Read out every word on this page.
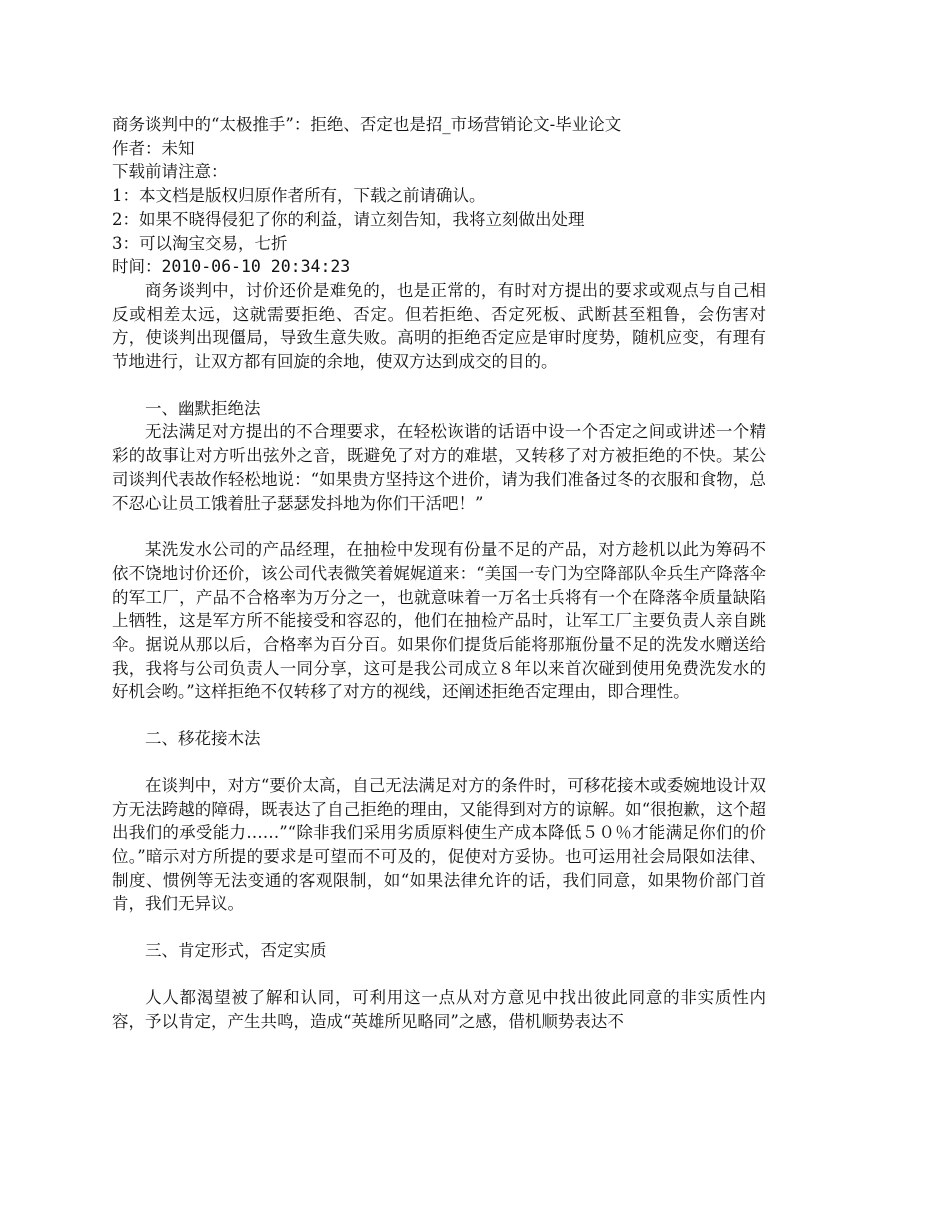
商务谈判中的“太极推手”：拒绝、否定也是招_市场营销论文-毕业论文
作者：未知
下载前请注意：
1：本文档是版权归原作者所有，下载之前请确认。
2：如果不晓得侵犯了你的利益，请立刻告知，我将立刻做出处理
3：可以淘宝交易，七折
时间：2010-06-10 20:34:23
商务谈判中，讨价还价是难免的，也是正常的，有时对方提出的要求或观点与自己相反或相差太远，这就需要拒绝、否定。但若拒绝、否定死板、武断甚至粗鲁，会伤害对方，使谈判出现僵局，导致生意失败。高明的拒绝否定应是审时度势，随机应变，有理有节地进行，让双方都有回旋的余地，使双方达到成交的目的。
一、幽默拒绝法
无法满足对方提出的不合理要求，在轻松诙谐的话语中设一个否定之间或讲述一个精彩的故事让对方听出弦外之音，既避免了对方的难堪，又转移了对方被拒绝的不快。某公司谈判代表故作轻松地说：“如果贵方坚持这个进价，请为我们准备过冬的衣服和食物，总不忍心让员工饿着肚子瑟瑟发抖地为你们干活吧！”
某洗发水公司的产品经理，在抽检中发现有份量不足的产品，对方趁机以此为筹码不依不饶地讨价还价，该公司代表微笑着娓娓道来：“美国一专门为空降部队伞兵生产降落伞的军工厂，产品不合格率为万分之一，也就意味着一万名士兵将有一个在降落伞质量缺陷上牺牲，这是军方所不能接受和容忍的，他们在抽检产品时，让军工厂主要负责人亲自跳伞。据说从那以后，合格率为百分百。如果你们提货后能将那瓶份量不足的洗发水赠送给我，我将与公司负责人一同分享，这可是我公司成立８年以来首次碰到使用免费洗发水的好机会哟。”这样拒绝不仅转移了对方的视线，还阐述拒绝否定理由，即合理性。
二、移花接木法
在谈判中，对方“要价太高，自己无法满足对方的条件时，可移花接木或委婉地设计双方无法跨越的障碍，既表达了自己拒绝的理由，又能得到对方的谅解。如“很抱歉，这个超出我们的承受能力……”“除非我们采用劣质原料使生产成本降低５０％才能满足你们的价位。”暗示对方所提的要求是可望而不可及的，促使对方妥协。也可运用社会局限如法律、制度、惯例等无法变通的客观限制，如“如果法律允许的话，我们同意，如果物价部门首肯，我们无异议。
三、肯定形式，否定实质
人人都渴望被了解和认同，可利用这一点从对方意见中找出彼此同意的非实质性内容，予以肯定，产生共鸣，造成“英雄所见略同”之感，借机顺势表达不
